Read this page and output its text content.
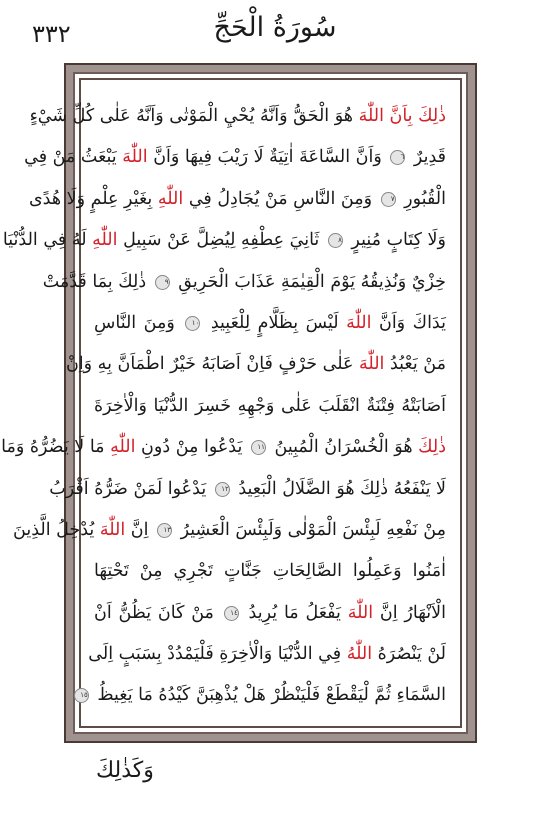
٣٣٢	سُورَةُ الْحَجِّ
ذٰلِكَ بِاَنَّ اللّٰهَ هُوَ الْحَقُّ وَاَنَّهُ يُحْيِ الْمَوْتٰى وَاَنَّهُ عَلٰى كُلِّ شَيْءٍ
قَدِيرٌ ٦ وَاَنَّ السَّاعَةَ اٰتِيَةٌ لَا رَيْبَ فِيهَا وَاَنَّ اللّٰهَ يَبْعَثُ مَنْ فِي
الْقُبُورِ ٧ وَمِنَ النَّاسِ مَنْ يُجَادِلُ فِي اللّٰهِ بِغَيْرِ عِلْمٍ وَلَا هُدًى
وَلَا كِتَابٍ مُنِيرٍ ٨ ثَانِيَ عِطْفِهِ لِيُضِلَّ عَنْ سَبِيلِ اللّٰهِ لَهُ فِي الدُّنْيَا
خِزْيٌ وَنُذِيقُهُ يَوْمَ الْقِيٰمَةِ عَذَابَ الْحَرِيقِ ٩ ذٰلِكَ بِمَا قَدَّمَتْ
يَدَاكَ وَاَنَّ اللّٰهَ لَيْسَ بِظَلَّامٍ لِلْعَبِيدِ ١٠ وَمِنَ النَّاسِ
مَنْ يَعْبُدُ اللّٰهَ عَلٰى حَرْفٍ فَاِنْ اَصَابَهُ خَيْرٌ اطْمَاَنَّ بِهِ وَاِنْ
اَصَابَتْهُ فِتْنَةٌ انْقَلَبَ عَلٰى وَجْهِهِ خَسِرَ الدُّنْيَا وَالْاٰخِرَةَ
ذٰلِكَ هُوَ الْخُسْرَانُ الْمُبِينُ ١١ يَدْعُوا مِنْ دُونِ اللّٰهِ مَا لَا يَضُرُّهُ وَمَا
لَا يَنْفَعُهُ ذٰلِكَ هُوَ الضَّلَالُ الْبَعِيدُ ١٢ يَدْعُوا لَمَنْ ضَرُّهُ اَقْرَبُ
مِنْ نَفْعِهِ لَبِئْسَ الْمَوْلٰى وَلَبِئْسَ الْعَشِيرُ ١٣ اِنَّ اللّٰهَ يُدْخِلُ الَّذِينَ
اٰمَنُوا وَعَمِلُوا الصَّالِحَاتِ جَنَّاتٍ تَجْرِي مِنْ تَحْتِهَا
الْاَنْهَارُ اِنَّ اللّٰهَ يَفْعَلُ مَا يُرِيدُ ١٤ مَنْ كَانَ يَظُنُّ اَنْ
لَنْ يَنْصُرَهُ اللّٰهُ فِي الدُّنْيَا وَالْاٰخِرَةِ فَلْيَمْدُدْ بِسَبَبٍ اِلَى
السَّمَاءِ ثُمَّ لْيَقْطَعْ فَلْيَنْظُرْ هَلْ يُذْهِبَنَّ كَيْدُهُ مَا يَغِيظُ ١٥
وَكَذٰلِكَ
